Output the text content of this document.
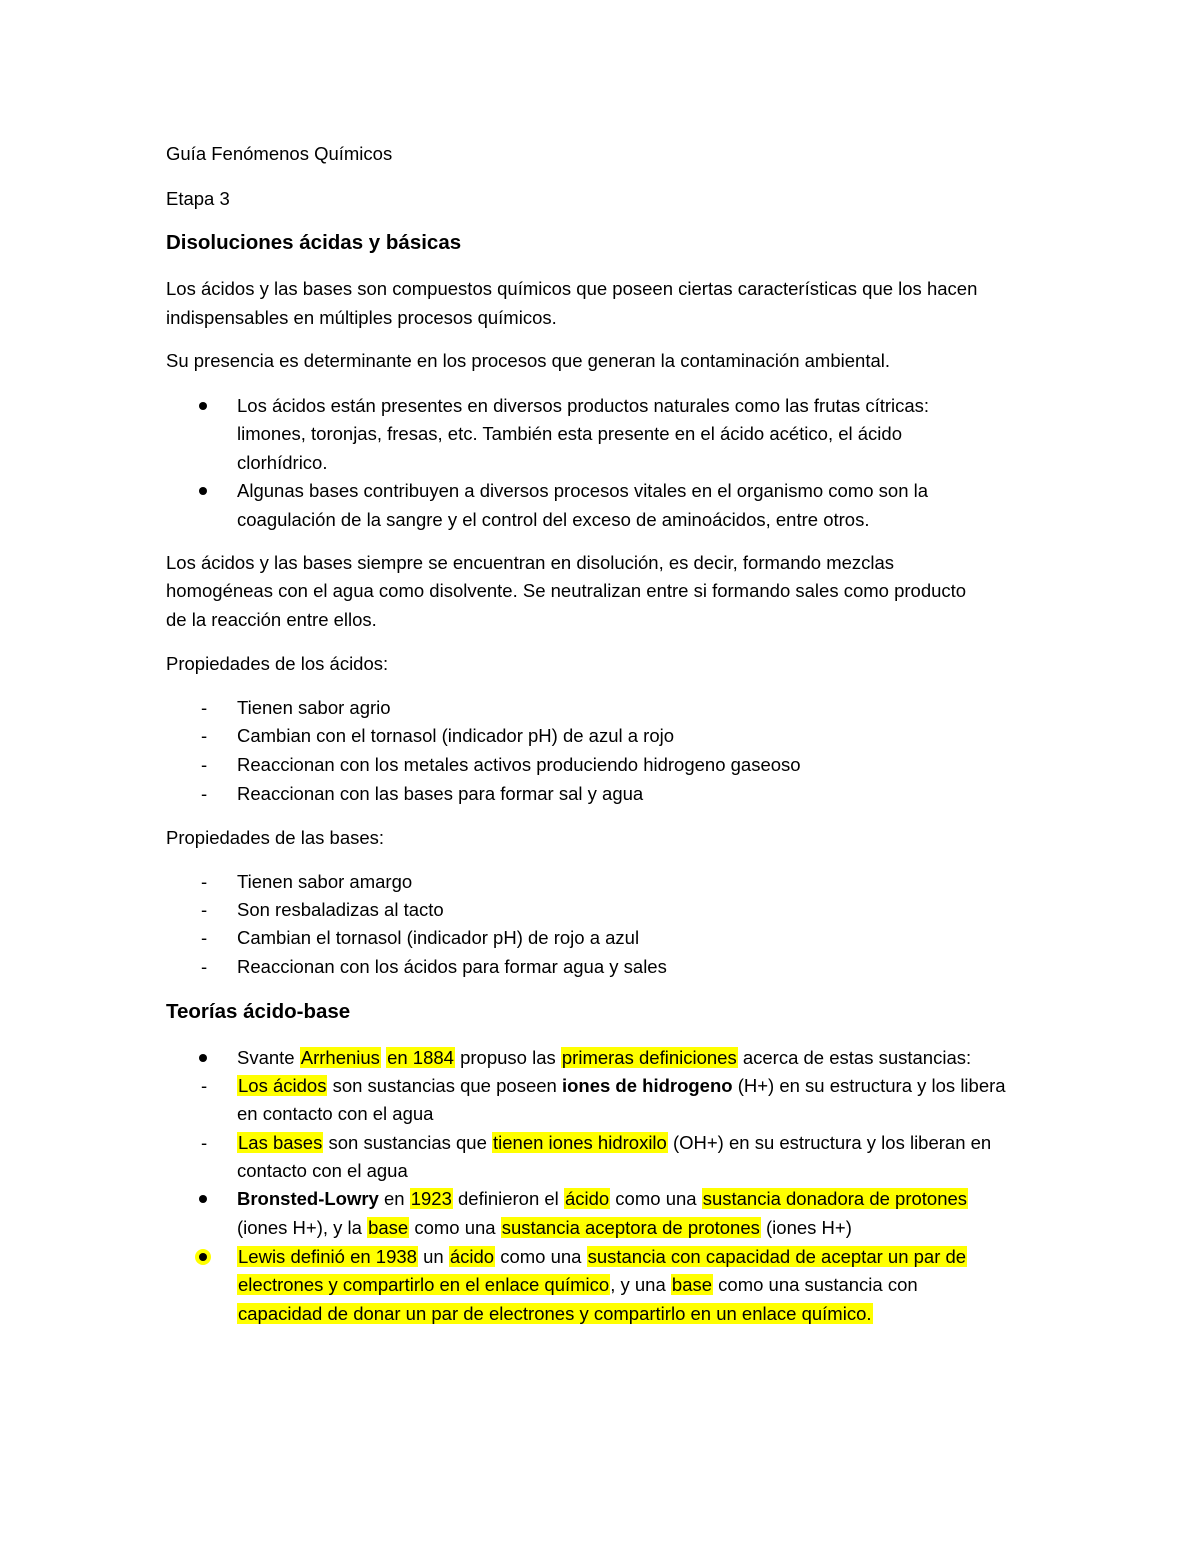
Guía Fenómenos Químicos
Etapa 3
Disoluciones ácidas y básicas
Los ácidos y las bases son compuestos químicos que poseen ciertas características que los hacen
indispensables en múltiples procesos químicos.
Su presencia es determinante en los procesos que generan la contaminación ambiental.
Los ácidos están presentes en diversos productos naturales como las frutas cítricas:
limones, toronjas, fresas, etc. También esta presente en el ácido acético, el ácido
clorhídrico.
Algunas bases contribuyen a diversos procesos vitales en el organismo como son la
coagulación de la sangre y el control del exceso de aminoácidos, entre otros.
Los ácidos y las bases siempre se encuentran en disolución, es decir, formando mezclas
homogéneas con el agua como disolvente. Se neutralizan entre si formando sales como producto
de la reacción entre ellos.
Propiedades de los ácidos:
- Tienen sabor agrio
- Cambian con el tornasol (indicador pH) de azul a rojo
- Reaccionan con los metales activos produciendo hidrogeno gaseoso
- Reaccionan con las bases para formar sal y agua
Propiedades de las bases:
- Tienen sabor amargo
- Son resbaladizas al tacto
- Cambian el tornasol (indicador pH) de rojo a azul
- Reaccionan con los ácidos para formar agua y sales
Teorías ácido-base
Svante Arrhenius en 1884 propuso las primeras definiciones acerca de estas sustancias:
- Los ácidos son sustancias que poseen iones de hidrogeno (H+) en su estructura y los libera
en contacto con el agua
- Las bases son sustancias que tienen iones hidroxilo (OH+) en su estructura y los liberan en
contacto con el agua
Bronsted-Lowry en 1923 definieron el ácido como una sustancia donadora de protones
(iones H+), y la base como una sustancia aceptora de protones (iones H+)
Lewis definió en 1938 un ácido como una sustancia con capacidad de aceptar un par de
electrones y compartirlo en el enlace químico, y una base como una sustancia con
capacidad de donar un par de electrones y compartirlo en un enlace químico.
